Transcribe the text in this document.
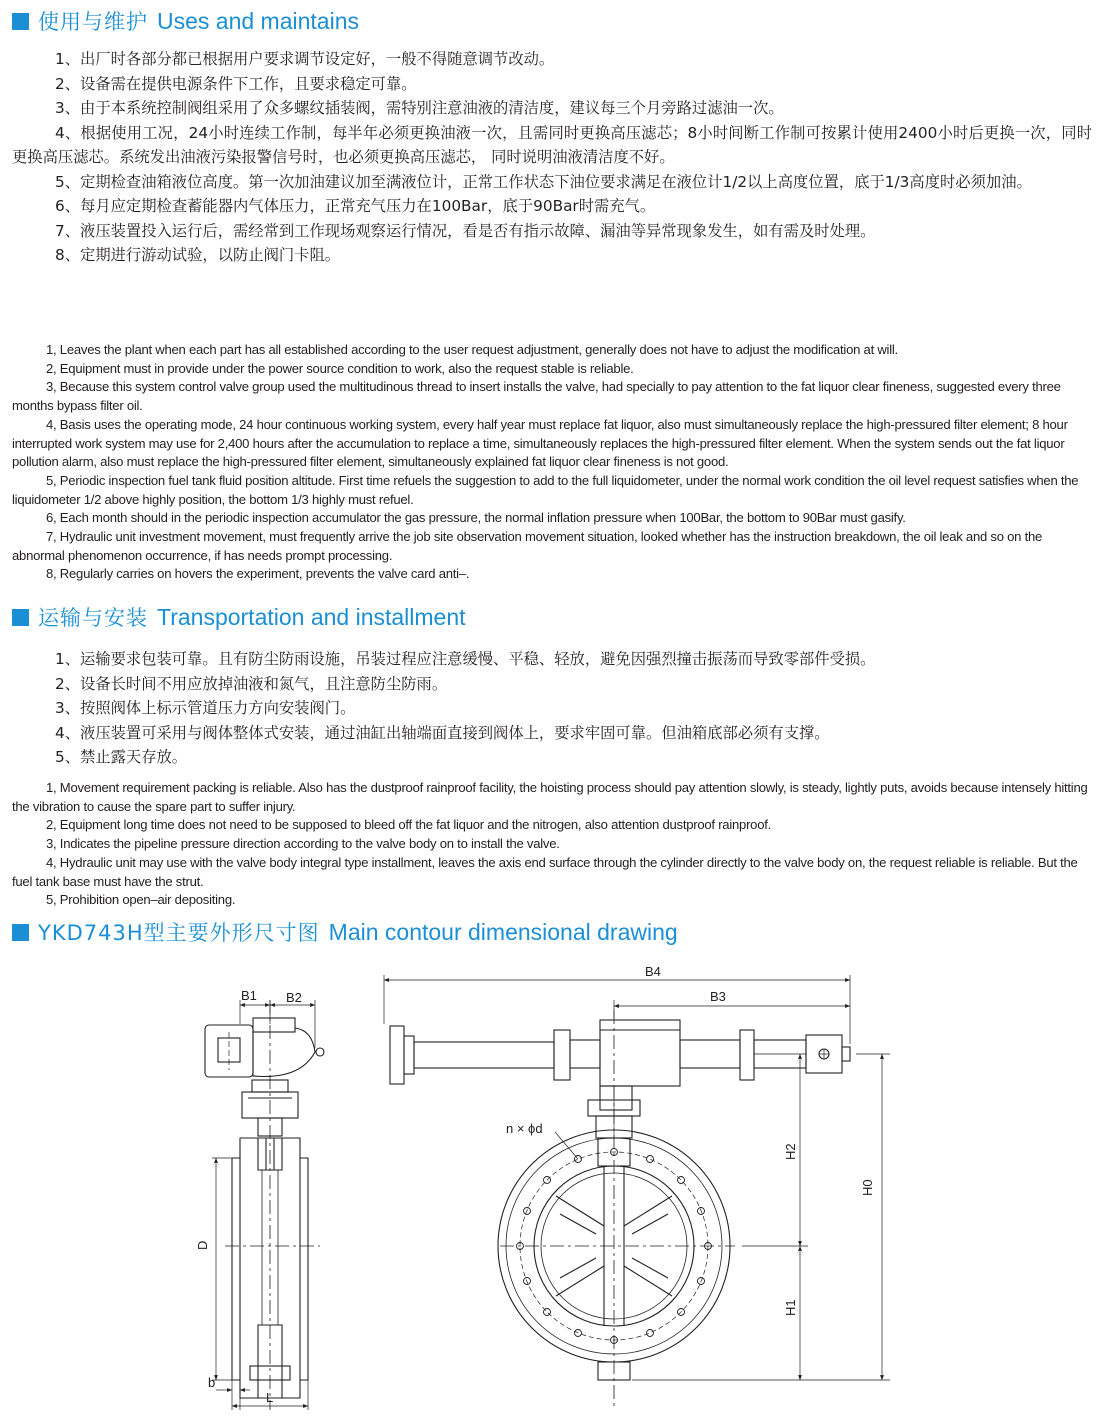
使用与维护 Uses and maintains

1、出厂时各部分都已根据用户要求调节设定好，一般不得随意调节改动。

2、设备需在提供电源条件下工作，且要求稳定可靠。

3、由于本系统控制阀组采用了众多螺纹插装阀，需特别注意油液的清洁度，建议每三个月旁路过滤油一次。

4、根据使用工况，24小时连续工作制，每半年必须更换油液一次，且需同时更换高压滤芯；8小时间断工作制可按累计使用2400小时后更换一次，同时更换高压滤芯。系统发出油液污染报警信号时，也必须更换高压滤芯， 同时说明油液清洁度不好。

5、定期检查油箱液位高度。第一次加油建议加至满液位计，正常工作状态下油位要求满足在液位计1/2以上高度位置，底于1/3高度时必须加油。

6、每月应定期检查蓄能器内气体压力，正常充气压力在100Bar，底于90Bar时需充气。

7、液压装置投入运行后，需经常到工作现场观察运行情况，看是否有指示故障、漏油等异常现象发生，如有需及时处理。

8、定期进行游动试验，以防止阀门卡阻。

1, Leaves the plant when each part has all established according to the user request adjustment, generally does not have to adjust the modification at will.

2, Equipment must in provide under the power source condition to work, also the request stable is reliable.

3, Because this system control valve group used the multitudinous thread to insert installs the valve, had specially to pay attention to the fat liquor clear fineness, suggested every three months bypass filter oil.

4, Basis uses the operating mode, 24 hour continuous working system, every half year must replace fat liquor, also must simultaneously replace the high-pressured filter element; 8 hour interrupted work system may use for 2,400 hours after the accumulation to replace a time, simultaneously replaces the high-pressured filter element. When the system sends out the fat liquor pollution alarm, also must replace the high-pressured filter element, simultaneously explained fat liquor clear fineness is not good.

5, Periodic inspection fuel tank fluid position altitude. First time refuels the suggestion to add to the full liquidometer, under the normal work condition the oil level request satisfies when the liquidometer 1/2 above highly position, the bottom 1/3 highly must refuel.

6, Each month should in the periodic inspection accumulator the gas pressure, the normal inflation pressure when 100Bar, the bottom to 90Bar must gasify.

7, Hydraulic unit investment movement, must frequently arrive the job site observation movement situation, looked whether has the instruction breakdown, the oil leak and so on the abnormal phenomenon occurrence, if has needs prompt processing.

8, Regularly carries on hovers the experiment, prevents the valve card anti–.

运输与安装 Transportation and installment

1、运输要求包装可靠。且有防尘防雨设施，吊装过程应注意缓慢、平稳、轻放，避免因强烈撞击振荡而导致零部件受损。

2、设备长时间不用应放掉油液和氮气，且注意防尘防雨。

3、按照阀体上标示管道压力方向安装阀门。

4、液压装置可采用与阀体整体式安装，通过油缸出轴端面直接到阀体上，要求牢固可靠。但油箱底部必须有支撑。

5、禁止露天存放。

1, Movement requirement packing is reliable. Also has the dustproof rainproof facility, the hoisting process should pay attention slowly, is steady, lightly puts, avoids because intensely hitting the vibration to cause the spare part to suffer injury.

2, Equipment long time does not need to be supposed to bleed off the fat liquor and the nitrogen, also attention dustproof rainproof.

3, Indicates the pipeline pressure direction according to the valve body on to install the valve.

4, Hydraulic unit may use with the valve body integral type installment, leaves the axis end surface through the cylinder directly to the valve body on, the request reliable is reliable. But the fuel tank base must have the strut.

5, Prohibition open–air depositing.

YKD743H型主要外形尺寸图 Main contour dimensional drawing
B1 B2
B4
B3
D
b
L
H2
H1
H0
n × ϕd
